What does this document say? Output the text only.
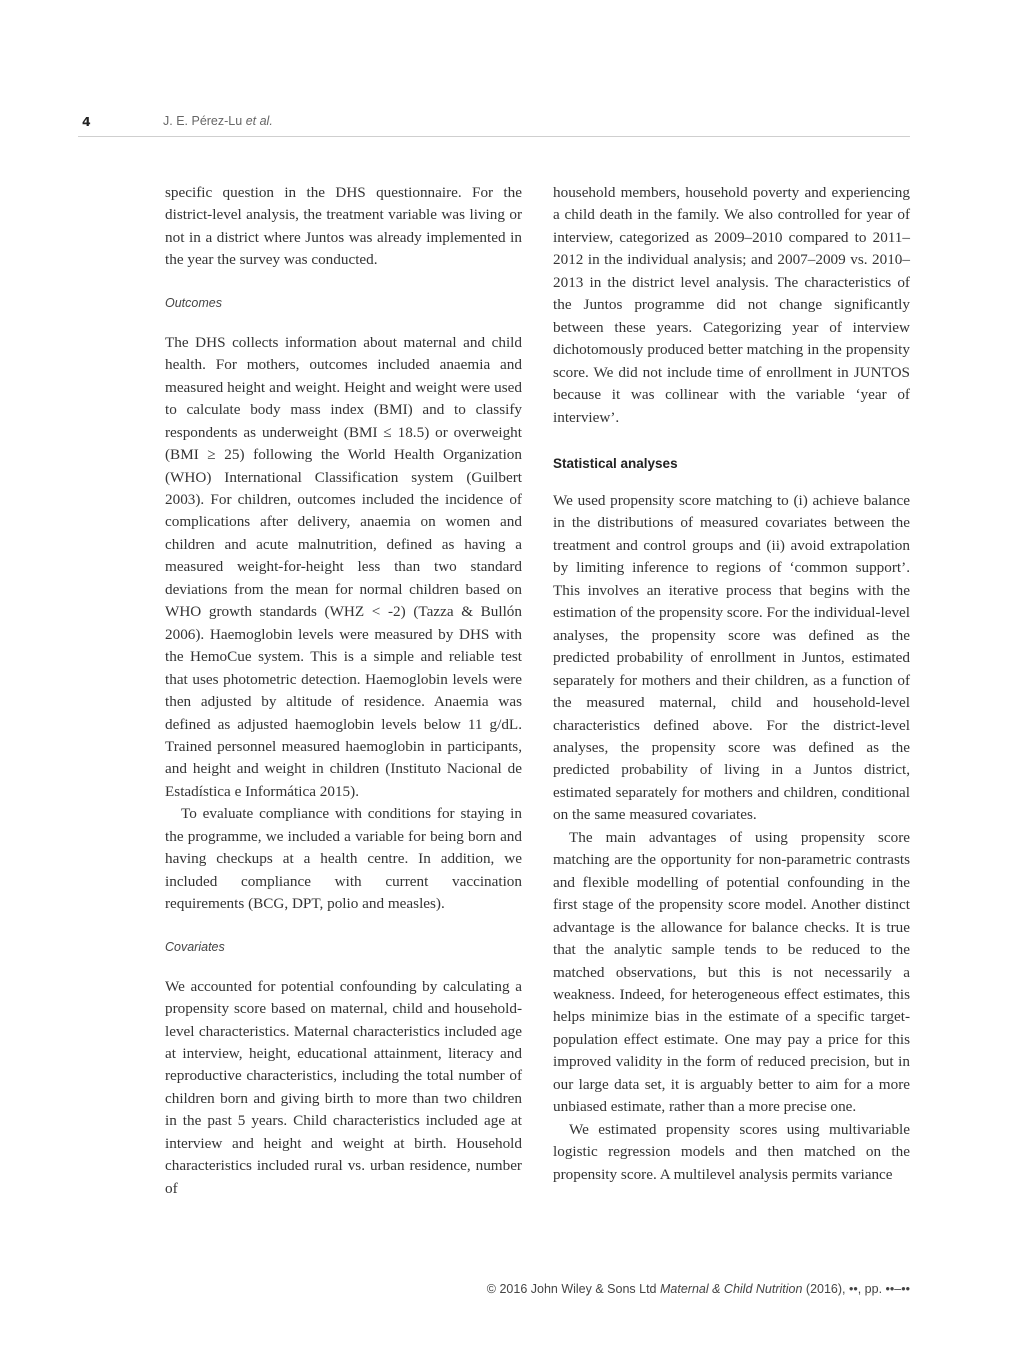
4	J. E. Pérez-Lu et al.

specific question in the DHS questionnaire. For the district-level analysis, the treatment variable was living or not in a district where Juntos was already implemented in the year the survey was conducted.

Outcomes

The DHS collects information about maternal and child health. For mothers, outcomes included anaemia and measured height and weight. Height and weight were used to calculate body mass index (BMI) and to classify respondents as underweight (BMI ≤ 18.5) or overweight (BMI ≥ 25) following the World Health Organization (WHO) International Classification system (Guilbert 2003). For children, outcomes included the incidence of complications after delivery, anaemia on women and children and acute malnutrition, defined as having a measured weight-for-height less than two standard deviations from the mean for normal children based on WHO growth standards (WHZ < -2) (Tazza & Bullón 2006). Haemoglobin levels were measured by DHS with the HemoCue system. This is a simple and reliable test that uses photometric detection. Haemoglobin levels were then adjusted by altitude of residence. Anaemia was defined as adjusted haemoglobin levels below 11 g/dL. Trained personnel measured haemoglobin in participants, and height and weight in children (Instituto Nacional de Estadística e Informática 2015).

To evaluate compliance with conditions for staying in the programme, we included a variable for being born and having checkups at a health centre. In addition, we included compliance with current vaccination requirements (BCG, DPT, polio and measles).

Covariates

We accounted for potential confounding by calculating a propensity score based on maternal, child and household-level characteristics. Maternal characteristics included age at interview, height, educational attainment, literacy and reproductive characteristics, including the total number of children born and giving birth to more than two children in the past 5 years. Child characteristics included age at interview and height and weight at birth. Household characteristics included rural vs. urban residence, number of

household members, household poverty and experiencing a child death in the family. We also controlled for year of interview, categorized as 2009–2010 compared to 2011–2012 in the individual analysis; and 2007–2009 vs. 2010–2013 in the district level analysis. The characteristics of the Juntos programme did not change significantly between these years. Categorizing year of interview dichotomously produced better matching in the propensity score. We did not include time of enrollment in JUNTOS because it was collinear with the variable ‘year of interview’.

Statistical analyses

We used propensity score matching to (i) achieve balance in the distributions of measured covariates between the treatment and control groups and (ii) avoid extrapolation by limiting inference to regions of ‘common support’. This involves an iterative process that begins with the estimation of the propensity score. For the individual-level analyses, the propensity score was defined as the predicted probability of enrollment in Juntos, estimated separately for mothers and their children, as a function of the measured maternal, child and household-level characteristics defined above. For the district-level analyses, the propensity score was defined as the predicted probability of living in a Juntos district, estimated separately for mothers and children, conditional on the same measured covariates.

The main advantages of using propensity score matching are the opportunity for non-parametric contrasts and flexible modelling of potential confounding in the first stage of the propensity score model. Another distinct advantage is the allowance for balance checks. It is true that the analytic sample tends to be reduced to the matched observations, but this is not necessarily a weakness. Indeed, for heterogeneous effect estimates, this helps minimize bias in the estimate of a specific target-population effect estimate. One may pay a price for this improved validity in the form of reduced precision, but in our large data set, it is arguably better to aim for a more unbiased estimate, rather than a more precise one.

We estimated propensity scores using multivariable logistic regression models and then matched on the propensity score. A multilevel analysis permits variance

© 2016 John Wiley & Sons Ltd Maternal & Child Nutrition (2016), ••, pp. ••–••
